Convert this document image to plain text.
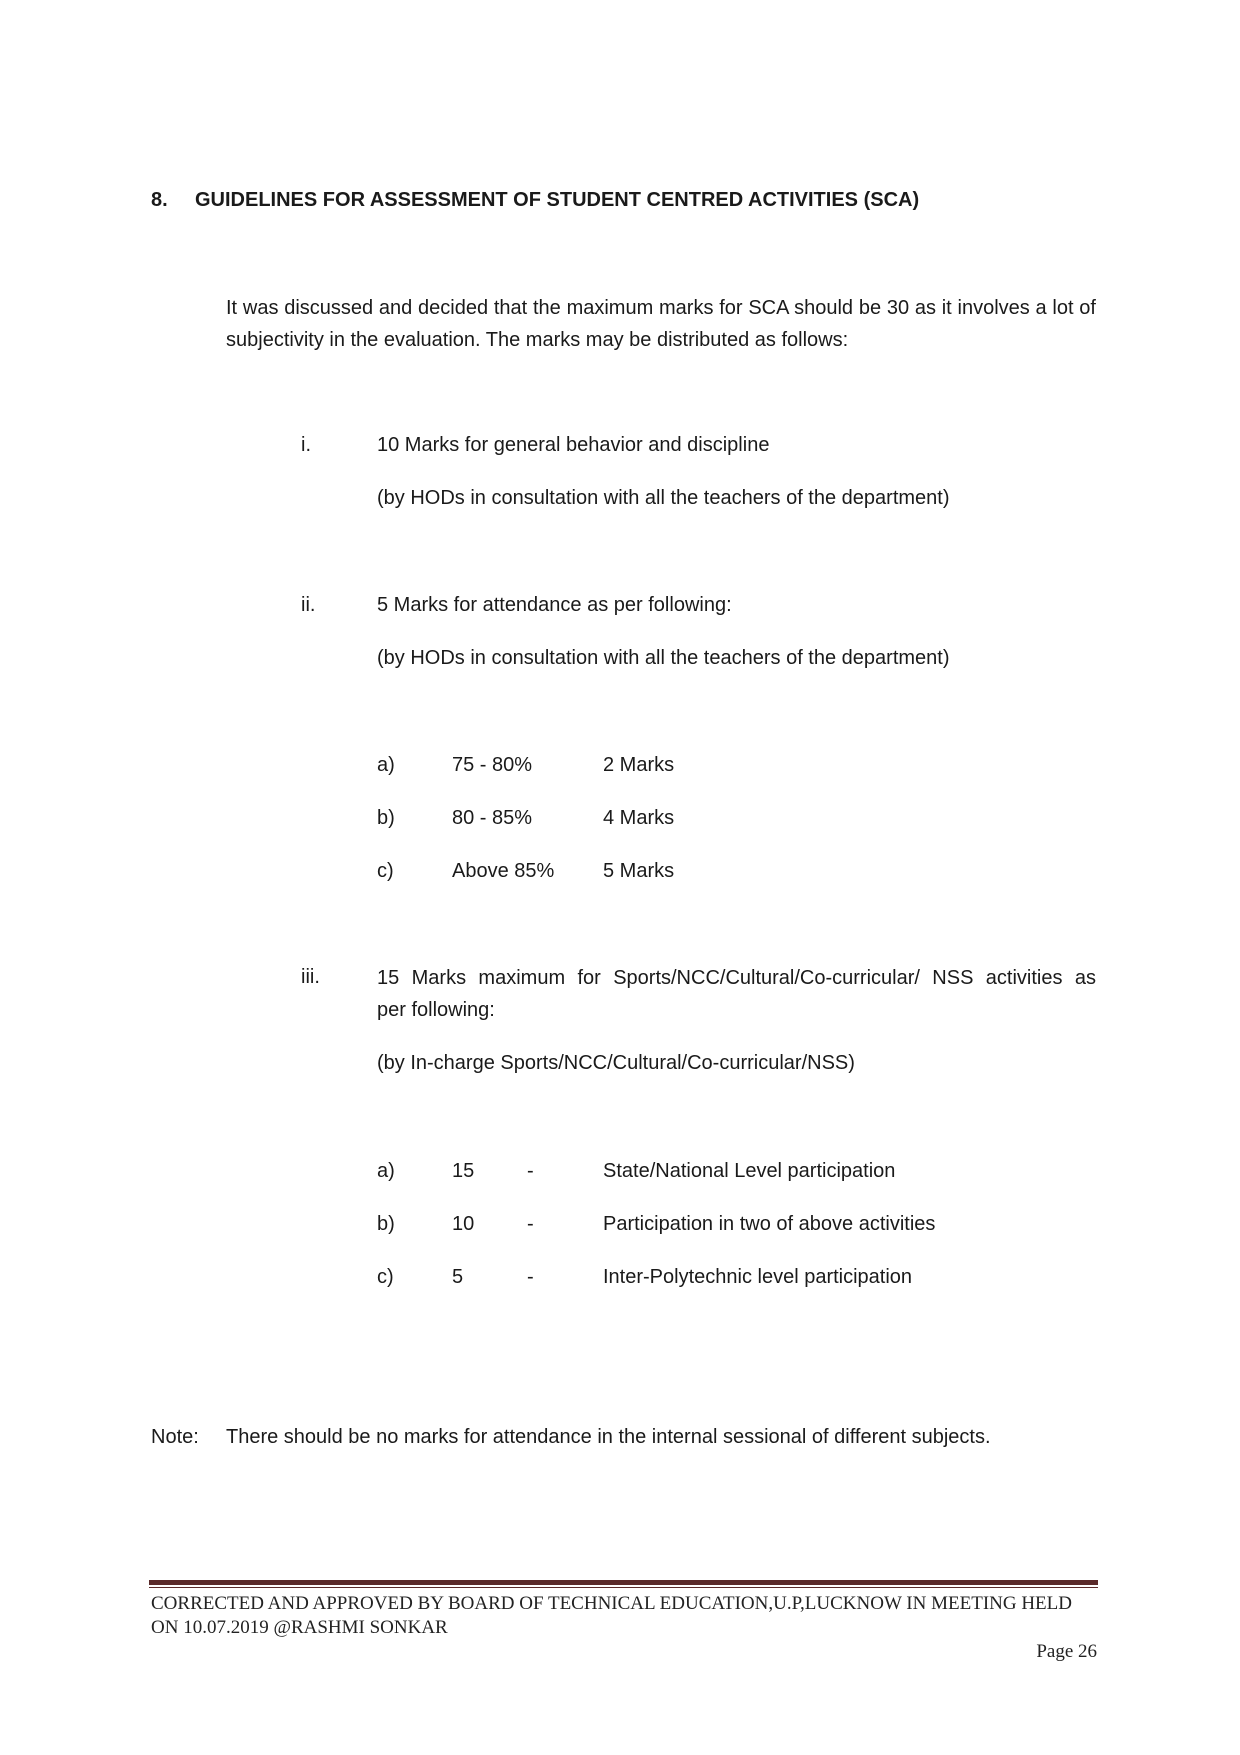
8. GUIDELINES FOR ASSESSMENT OF STUDENT CENTRED ACTIVITIES (SCA)
It was discussed and decided that the maximum marks for SCA should be 30 as it involves a lot of subjectivity in the evaluation. The marks may be distributed as follows:
i.	10 Marks for general behavior and discipline
(by HODs in consultation with all the teachers of the department)
ii.	5 Marks for attendance as per following:
(by HODs in consultation with all the teachers of the department)
a)	75 - 80%	2 Marks
b)	80 - 85%	4 Marks
c)	Above 85% 5 Marks
iii.	15 Marks maximum for Sports/NCC/Cultural/Co-curricular/ NSS activities as
per following:
(by In-charge Sports/NCC/Cultural/Co-curricular/NSS)
a)	15	-	State/National Level participation
b)	10	-	Participation in two of above activities
c)	5	-	Inter-Polytechnic level participation
Note: There should be no marks for attendance in the internal sessional of different subjects.
CORRECTED AND APPROVED BY BOARD OF TECHNICAL EDUCATION,U.P,LUCKNOW IN MEETING HELD
ON 10.07.2019 @RASHMI SONKAR
Page 26
